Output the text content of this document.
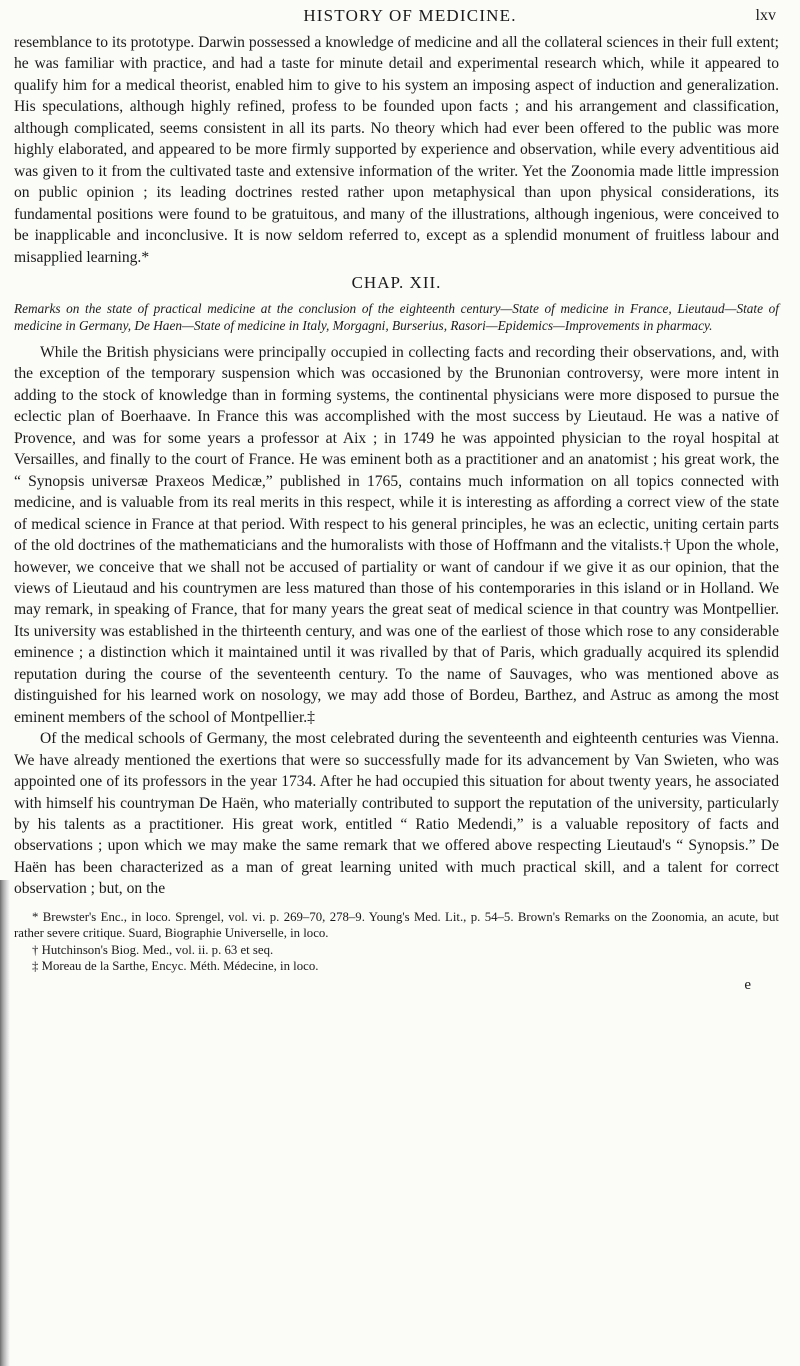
HISTORY OF MEDICINE.	lxv

resemblance to its prototype. Darwin possessed a knowledge of medicine and all the collateral sciences in their full extent; he was familiar with practice, and had a taste for minute detail and experimental research which, while it appeared to qualify him for a medical theorist, enabled him to give to his system an imposing aspect of induction and generalization. His speculations, although highly refined, profess to be founded upon facts ; and his arrangement and classification, although complicated, seems consistent in all its parts. No theory which had ever been offered to the public was more highly elaborated, and appeared to be more firmly supported by experience and observation, while every adventitious aid was given to it from the cultivated taste and extensive information of the writer. Yet the Zoonomia made little impression on public opinion ; its leading doctrines rested rather upon metaphysical than upon physical considerations, its fundamental positions were found to be gratuitous, and many of the illustrations, although ingenious, were conceived to be inapplicable and inconclusive. It is now seldom referred to, except as a splendid monument of fruitless labour and misapplied learning.*

CHAP. XII.

Remarks on the state of practical medicine at the conclusion of the eighteenth century—State of medicine in France, Lieutaud—State of medicine in Germany, De Haen—State of medicine in Italy, Morgagni, Burserius, Rasori—Epidemics—Improvements in pharmacy.

While the British physicians were principally occupied in collecting facts and recording their observations, and, with the exception of the temporary suspension which was occasioned by the Brunonian controversy, were more intent in adding to the stock of knowledge than in forming systems, the continental physicians were more disposed to pursue the eclectic plan of Boerhaave. In France this was accomplished with the most success by Lieutaud. He was a native of Provence, and was for some years a professor at Aix ; in 1749 he was appointed physician to the royal hospital at Versailles, and finally to the court of France. He was eminent both as a practitioner and an anatomist ; his great work, the “ Synopsis universæ Praxeos Medicæ,” published in 1765, contains much information on all topics connected with medicine, and is valuable from its real merits in this respect, while it is interesting as affording a correct view of the state of medical science in France at that period. With respect to his general principles, he was an eclectic, uniting certain parts of the old doctrines of the mathematicians and the humoralists with those of Hoffmann and the vitalists.† Upon the whole, however, we conceive that we shall not be accused of partiality or want of candour if we give it as our opinion, that the views of Lieutaud and his countrymen are less matured than those of his contemporaries in this island or in Holland. We may remark, in speaking of France, that for many years the great seat of medical science in that country was Montpellier. Its university was established in the thirteenth century, and was one of the earliest of those which rose to any considerable eminence ; a distinction which it maintained until it was rivalled by that of Paris, which gradually acquired its splendid reputation during the course of the seventeenth century. To the name of Sauvages, who was mentioned above as distinguished for his learned work on nosology, we may add those of Bordeu, Barthez, and Astruc as among the most eminent members of the school of Montpellier.‡

Of the medical schools of Germany, the most celebrated during the seventeenth and eighteenth centuries was Vienna. We have already mentioned the exertions that were so successfully made for its advancement by Van Swieten, who was appointed one of its professors in the year 1734. After he had occupied this situation for about twenty years, he associated with himself his countryman De Haën, who materially contributed to support the reputation of the university, particularly by his talents as a practitioner. His great work, entitled “ Ratio Medendi,” is a valuable repository of facts and observations ; upon which we may make the same remark that we offered above respecting Lieutaud's “ Synopsis.” De Haën has been characterized as a man of great learning united with much practical skill, and a talent for correct observation ; but, on the

* Brewster's Enc., in loco. Sprengel, vol. vi. p. 269–70, 278–9. Young's Med. Lit., p. 54–5. Brown's Remarks on the Zoonomia, an acute, but rather severe critique. Suard, Biographie Universelle, in loco.

† Hutchinson's Biog. Med., vol. ii. p. 63 et seq.

‡ Moreau de la Sarthe, Encyc. Méth. Médecine, in loco.

e
